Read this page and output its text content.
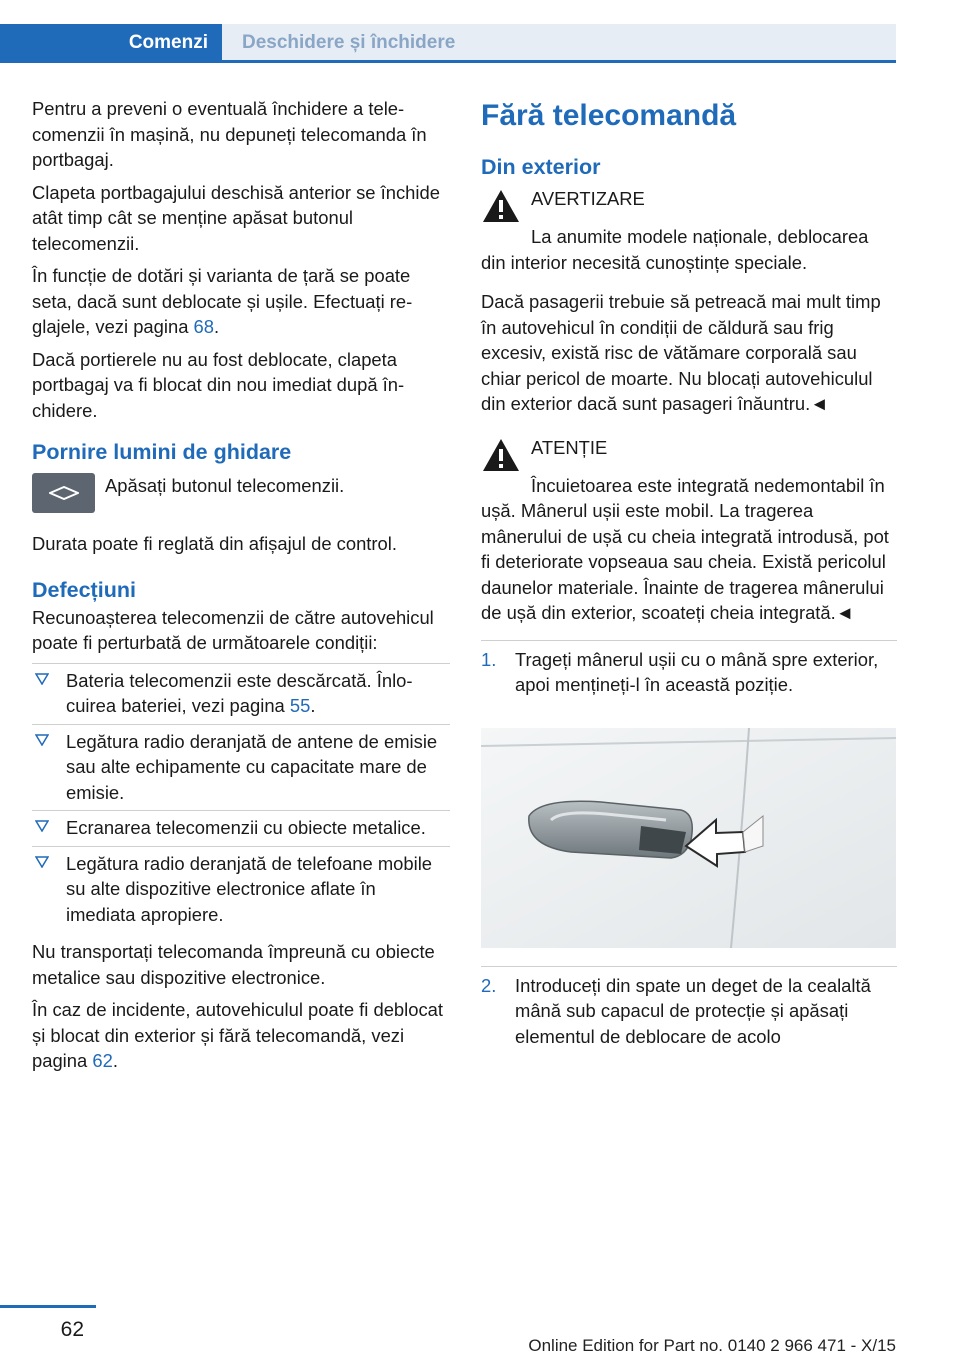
Comenzi	Deschidere și închidere

Pentru a preveni o eventuală închidere a telecomenzii în mașină, nu depuneți telecomanda în portbagaj.

Clapeta portbagajului deschisă anterior se închide atât timp cât se menține apăsat butonul telecomenzii.

În funcție de dotări și varianta de țară se poate seta, dacă sunt deblocate și ușile. Efectuați reglajele, vezi pagina 68.

Dacă portierele nu au fost deblocate, clapeta portbagaj va fi blocat din nou imediat după închidere.

Pornire lumini de ghidare
Apăsați butonul telecomenzii.

Durata poate fi reglată din afișajul de control.

Defecțiuni

Recunoașterea telecomenzii de către autovehicul poate fi perturbată de următoarele condiții:

Bateria telecomenzii este descărcată. Înlocuirea bateriei, vezi pagina 55.
Legătura radio deranjată de antene de emisie sau alte echipamente cu capacitate mare de emisie.
Ecranarea telecomenzii cu obiecte metalice.
Legătura radio deranjată de telefoane mobile su alte dispozitive electronice aflate în imediata apropiere.

Nu transportați telecomanda împreună cu obiecte metalice sau dispozitive electronice.

În caz de incidente, autovehiculul poate fi deblocat și blocat din exterior și fără telecomandă, vezi pagina 62.

Fără telecomandă
Din exterior
AVERTIZARE
La anumite modele naționale, deblocarea din interior necesită cunoștințe speciale.

Dacă pasagerii trebuie să petreacă mai mult timp în autovehicul în condiții de căldură sau frig excesiv, există risc de vătămare corporală sau chiar pericol de moarte. Nu blocați autovehiculul din exterior dacă sunt pasageri înăuntru.◄

ATENȚIE
Încuietoarea este integrată nedemontabil în ușă. Mânerul ușii este mobil. La tragerea mânerului de ușă cu cheia integrată introdusă, pot fi deteriorate vopseaua sau cheia. Există pericolul daunelor materiale. Înainte de tragerea mânerului de ușă din exterior, scoateți cheia integrată.◄
1. Trageți mânerul ușii cu o mână spre exterior, apoi mențineți-l în această poziție.
2. Introduceți din spate un deget de la cealaltă mână sub capacul de protecție și apăsați elementul de deblocare de acolo
62
Online Edition for Part no. 0140 2 966 471 - X/15
